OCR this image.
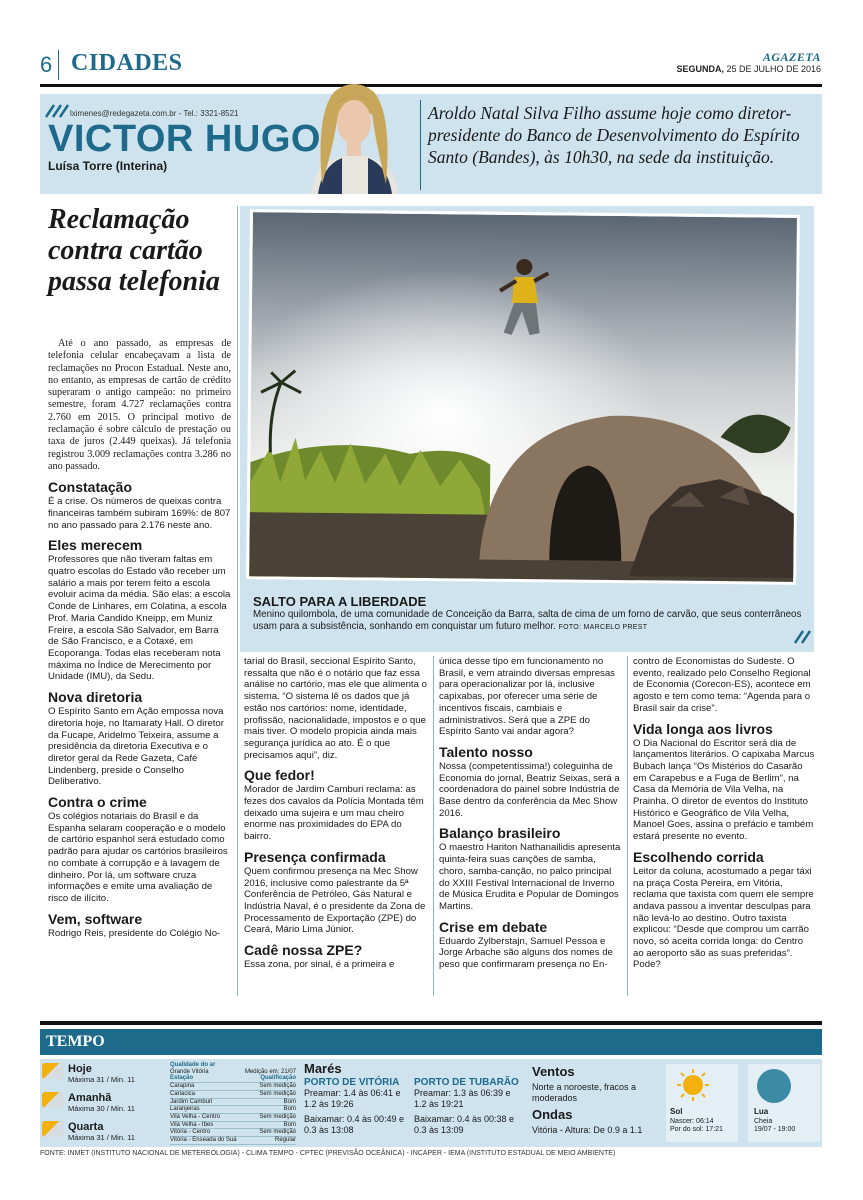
6 CIDADES	AGAZETA
SEGUNDA, 25 DE JULHO DE 2016
lximenes@redegazeta.com.br - Tel.: 3321-8521
VICTOR HUGO
Luísa Torre (Interina)
Aroldo Natal Silva Filho assume hoje como diretor-presidente do Banco de Desenvolvimento do Espírito Santo (Bandes), às 10h30, na sede da instituição.
Reclamação contra cartão passa telefonia

Até o ano passado, as empresas de telefonia celular encabeçavam a lista de reclamações no Procon Estadual. Neste ano, no entanto, as empresas de cartão de crédito superaram o antigo campeão: no primeiro semestre, foram 4.727 reclamações contra 2.760 em 2015. O principal motivo de reclamação é sobre cálculo de prestação ou taxa de juros (2.449 queixas). Já telefonia registrou 3.009 reclamações contra 3.286 no ano passado.

Constatação

É a crise. Os números de queixas contra financeiras também subiram 169%: de 807 no ano passado para 2.176 neste ano.

Eles merecem

Professores que não tiveram faltas em quatro escolas do Estado vão receber um salário a mais por terem feito a escola evoluir acima da média. São elas: a escola Conde de Linhares, em Colatina, a escola Prof. Maria Candido Kneipp, em Muniz Freire, a escola São Salvador, em Barra de São Francisco, e a Cotaxé, em Ecoporanga. Todas elas receberam nota máxima no Índice de Merecimento por Unidade (IMU), da Sedu.

Nova diretoria

O Espírito Santo em Ação empossa nova diretoria hoje, no Itamaraty Hall. O diretor da Fucape, Aridelmo Teixeira, assume a presidência da diretoria Executiva e o diretor geral da Rede Gazeta, Café Lindenberg, preside o Conselho Deliberativo.

Contra o crime

Os colégios notariais do Brasil e da Espanha selaram cooperação e o modelo de cartório espanhol será estudado como padrão para ajudar os cartórios brasileiros no combate à corrupção e à lavagem de dinheiro. Por lá, um software cruza informações e emite uma avaliação de risco de ilícito.

Vem, software

Rodrigo Reis, presidente do Colégio No-

SALTO PARA A LIBERDADE
Menino quilombola, de uma comunidade de Conceição da Barra, salta de cima de um forno de carvão, que seus conterrâneos usam para a subsistência, sonhando em conquistar um futuro melhor. FOTO: MARCELO PREST

tarial do Brasil, seccional Espírito Santo, ressalta que não é o notário que faz essa análise no cartório, mas ele que alimenta o sistema. “O sistema lê os dados que já estão nos cartórios: nome, identidade, profissão, nacionalidade, impostos e o que mais tiver. O modelo propicia ainda mais segurança jurídica ao ato. É o que precisamos aqui”, diz.

Que fedor!

Morador de Jardim Camburi reclama: as fezes dos cavalos da Polícia Montada têm deixado uma sujeira e um mau cheiro enorme nas proximidades do EPA do bairro.

Presença confirmada

Quem confirmou presença na Mec Show 2016, inclusive como palestrante da 5ª Conferência de Petróleo, Gás Natural e Indústria Naval, é o presidente da Zona de Processamento de Exportação (ZPE) do Ceará, Mário Lima Júnior.

Cadê nossa ZPE?

Essa zona, por sinal, é a primeira e

única desse tipo em funcionamento no Brasil, e vem atraindo diversas empresas para operacionalizar por lá, inclusive capixabas, por oferecer uma série de incentivos fiscais, cambiais e administrativos. Será que a ZPE do Espírito Santo vai andar agora?

Talento nosso

Nossa (competentíssima!) coleguinha de Economia do jornal, Beatriz Seixas, será a coordenadora do painel sobre Indústria de Base dentro da conferência da Mec Show 2016.

Balanço brasileiro

O maestro Hariton Nathanailidis apresenta quinta-feira suas canções de samba, choro, samba-canção, no palco principal do XXIII Festival Internacional de Inverno de Música Erudita e Popular de Domingos Martins.

Crise em debate

Eduardo Zylberstajn, Samuel Pessoa e Jorge Arbache são alguns dos nomes de peso que confirmaram presença no En-

contro de Economistas do Sudeste. O evento, realizado pelo Conselho Regional de Economia (Corecon-ES), acontece em agosto e tem como tema: “Agenda para o Brasil sair da crise”.

Vida longa aos livros

O Dia Nacional do Escritor será dia de lançamentos literários. O capixaba Marcus Bubach lança “Os Mistérios do Casarão em Carapebus e a Fuga de Berlim”, na Casa da Memória de Vila Velha, na Prainha. O diretor de eventos do Instituto Histórico e Geográfico de Vila Velha, Manoel Goes, assina o prefácio e também estará presente no evento.

Escolhendo corrida

Leitor da coluna, acostumado a pegar táxi na praça Costa Pereira, em Vitória, reclama que taxista com quem ele sempre andava passou a inventar desculpas para não levá-lo ao destino. Outro taxista explicou: “Desde que comprou um carrão novo, só aceita corrida longa: do Centro ao aeroporto são as suas preferidas”. Pode?

TEMPO
Hoje
Máxima 31 / Min. 11
Amanhã
Máxima 30 / Min. 11
Quarta
Máxima 31 / Min. 11
Qualidade do ar
Grande Vitória	Medição em: 21/07
Estação	Qualificação
Carapina	Sem medição
Cariacica	Sem medição
Jardim Camburi	Bom
Laranjeiras	Bom
Vila Velha - Centro	Sem medição
Vila Velha - Ibes	Bom
Vitória - Centro	Sem medição
Vitória - Enseada do Suá	Regular
Marés
PORTO DE VITÓRIA
Preamar: 1.4 às 06:41 e 1.2 às 19:26
Baixamar: 0.4 às 00:49 e 0.3 às 13:08
PORTO DE TUBARÃO
Preamar: 1.3 às 06:39 e 1.2 às 19:21
Baixamar: 0.4 às 00:38 e 0.3 às 13:09
Ventos
Norte a noroeste, fracos a moderados
Ondas
Vitória - Altura: De 0.9 a 1.1
Sol
Nascer: 06:14
Por do sol: 17:21
Lua
Cheia
19/07 - 19:00
FONTE: INMET (INSTITUTO NACIONAL DE METEREOLOGIA) - CLIMA TEMPO - CPTEC (PREVISÃO OCEÂNICA) - INCAPER - IEMA (INSTITUTO ESTADUAL DE MEIO AMBIENTE)
